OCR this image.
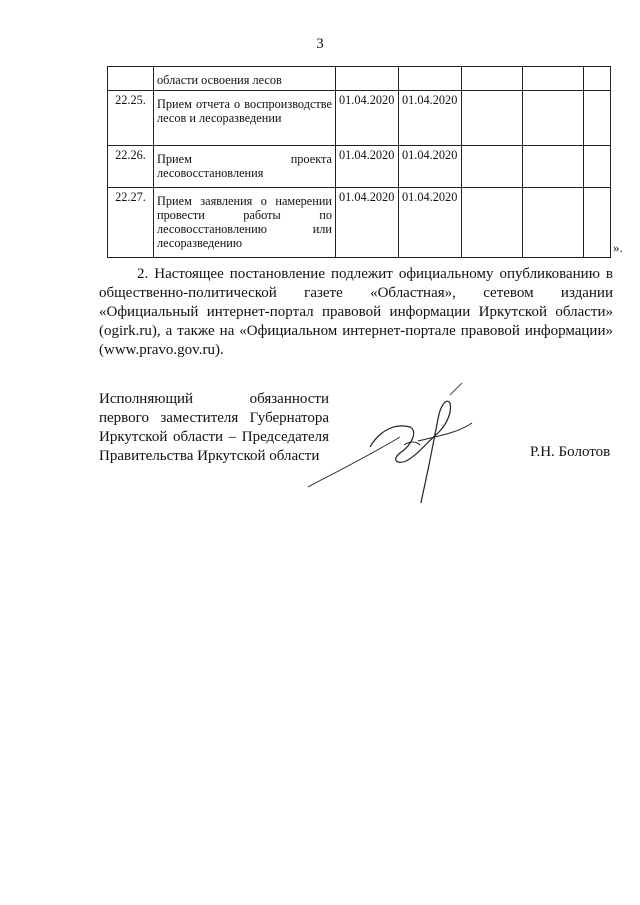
3
	области освоения лесов					
22.25.	Прием отчета о воспроизводстве лесов и лесоразведении	01.04.2020	01.04.2020			
22.26.	Прием проекта лесовосстановления	01.04.2020	01.04.2020			
22.27.	Прием заявления о намерении провести работы по лесовосстановлению или лесоразведению	01.04.2020	01.04.2020			
».

2. Настоящее постановление подлежит официальному опубликованию в общественно-политической газете «Областная», сетевом издании «Официальный интернет-портал правовой информации Иркутской области» (ogirk.ru), а также на «Официальном интернет-портале правовой информации» (www.pravo.gov.ru).

Исполняющий обязанности
первого заместителя Губернатора
Иркутской области – Председателя
Правительства Иркутской области	Р.Н. Болотов
